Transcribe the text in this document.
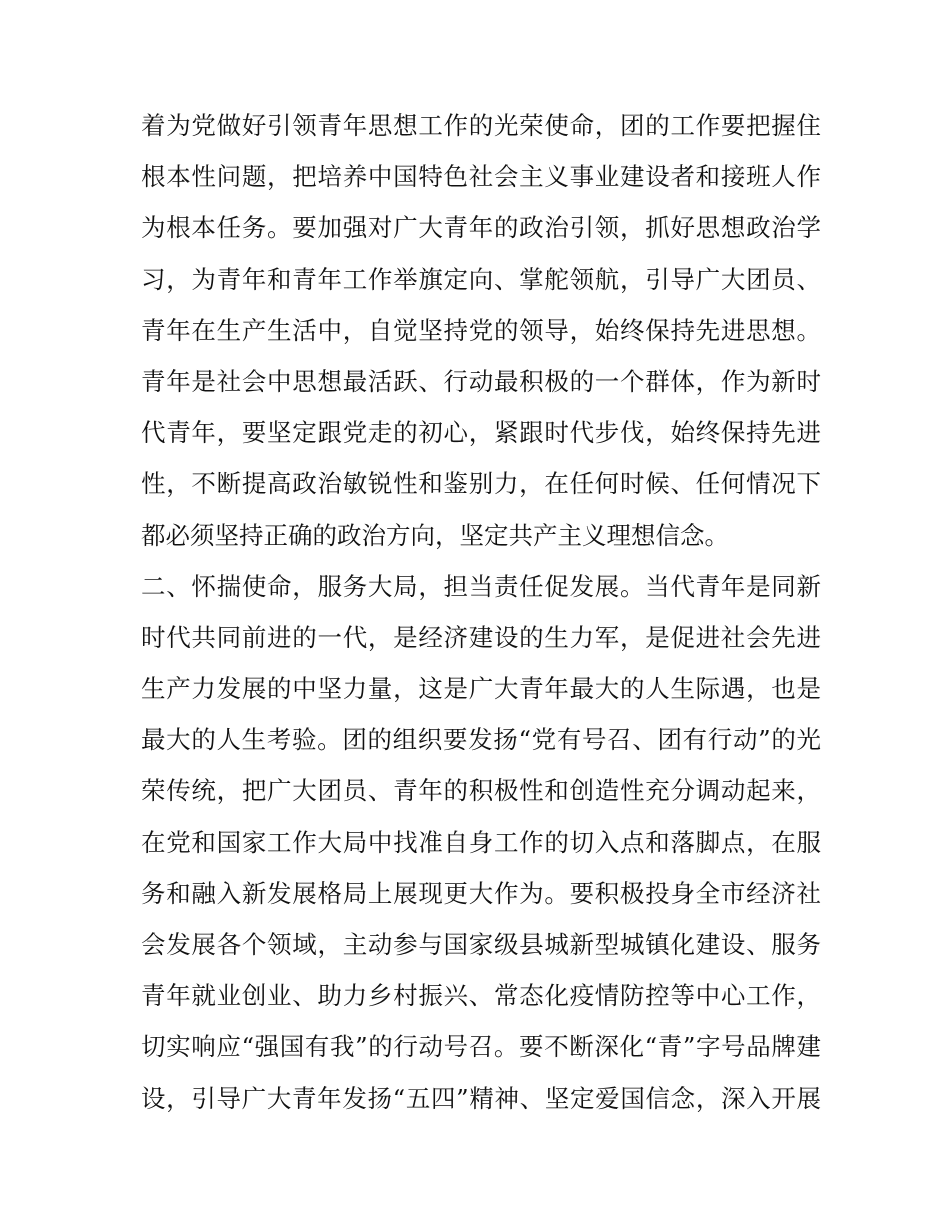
着为党做好引领青年思想工作的光荣使命，团的工作要把握住
根本性问题，把培养中国特色社会主义事业建设者和接班人作
为根本任务。要加强对广大青年的政治引领，抓好思想政治学
习，为青年和青年工作举旗定向、掌舵领航，引导广大团员、
青年在生产生活中，自觉坚持党的领导，始终保持先进思想。
青年是社会中思想最活跃、行动最积极的一个群体，作为新时
代青年，要坚定跟党走的初心，紧跟时代步伐，始终保持先进
性，不断提高政治敏锐性和鉴别力，在任何时候、任何情况下
都必须坚持正确的政治方向，坚定共产主义理想信念。
二、怀揣使命，服务大局，担当责任促发展。当代青年是同新
时代共同前进的一代，是经济建设的生力军，是促进社会先进
生产力发展的中坚力量，这是广大青年最大的人生际遇，也是
最大的人生考验。团的组织要发扬“党有号召、团有行动”的光
荣传统，把广大团员、青年的积极性和创造性充分调动起来，
在党和国家工作大局中找准自身工作的切入点和落脚点，在服
务和融入新发展格局上展现更大作为。要积极投身全市经济社
会发展各个领域，主动参与国家级县城新型城镇化建设、服务
青年就业创业、助力乡村振兴、常态化疫情防控等中心工作，
切实响应“强国有我”的行动号召。要不断深化“青”字号品牌建
设，引导广大青年发扬“五四”精神、坚定爱国信念，深入开展
